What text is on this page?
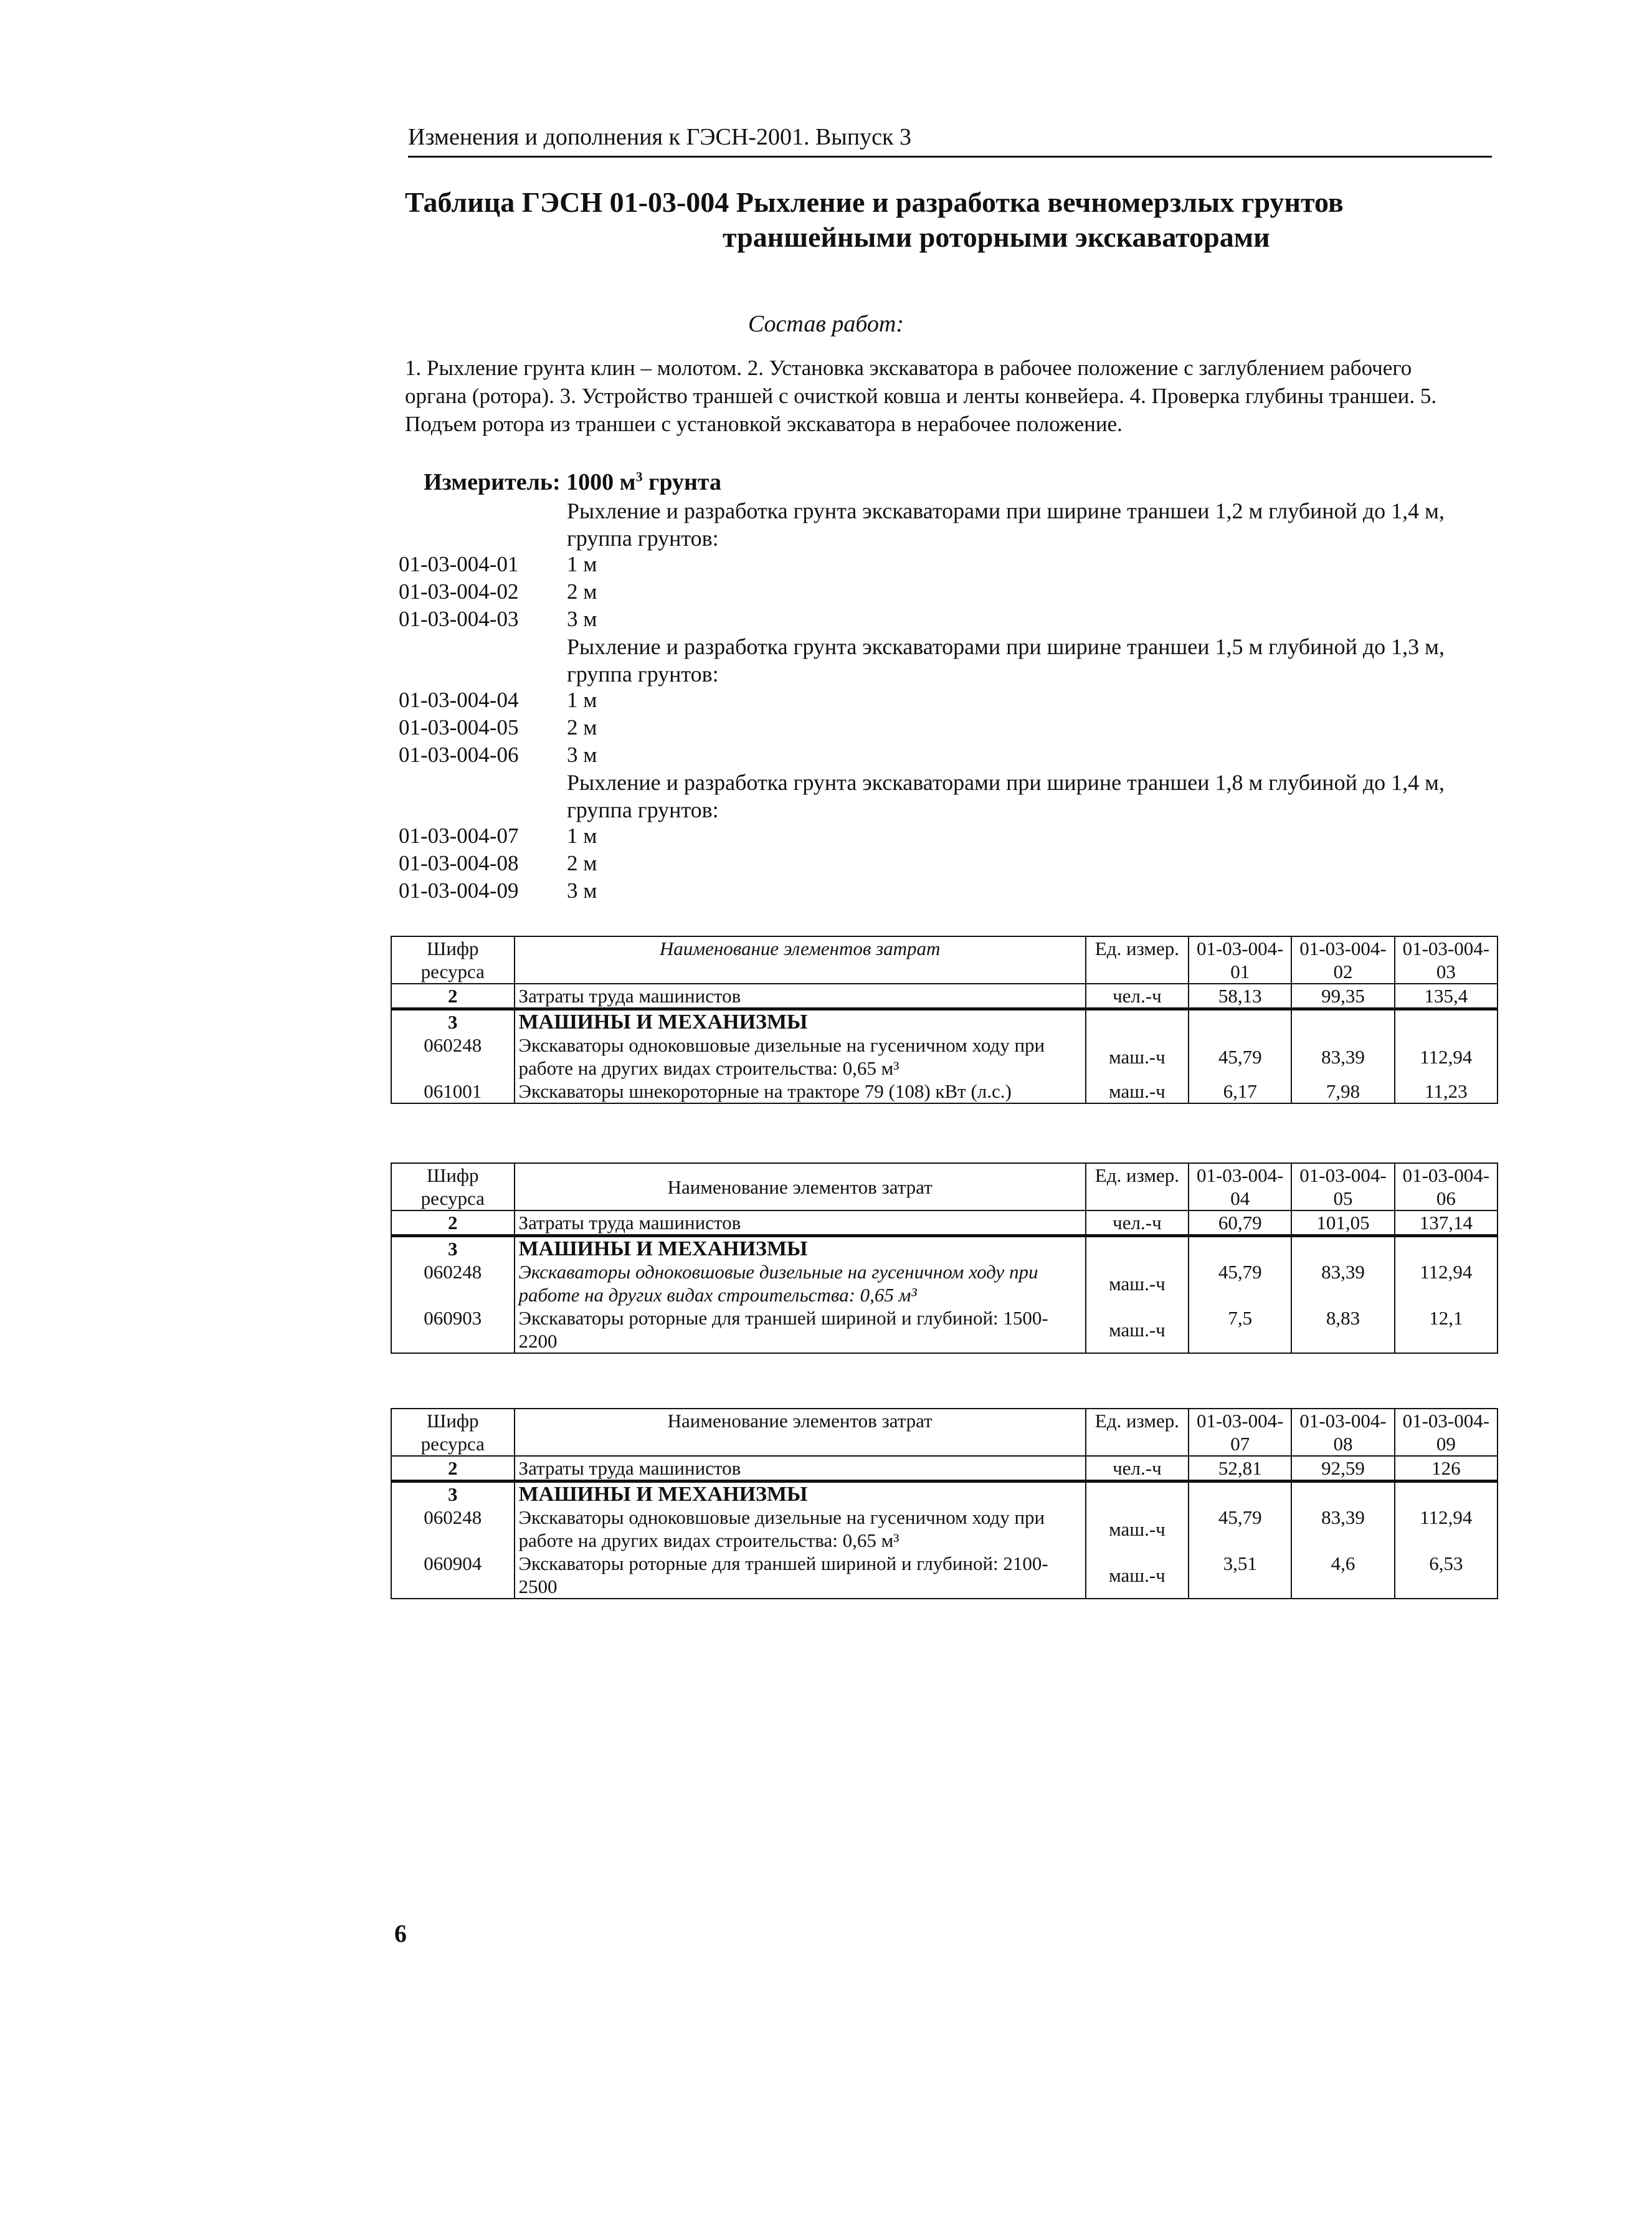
Изменения и дополнения к ГЭСН-2001. Выпуск 3
Таблица ГЭСН 01-03-004 Рыхление и разработка вечномерзлых грунтов
траншейными роторными экскаваторами
Состав работ:
1. Рыхление грунта клин – молотом. 2. Установка экскаватора в рабочее положение с заглублением рабочего органа (ротора). 3. Устройство траншей с очисткой ковша и ленты конвейера. 4. Проверка глубины траншеи. 5. Подъем ротора из траншеи с установкой экскаватора в нерабочее положение.
Измеритель: 1000 $м^3$ грунта
Рыхление и разработка грунта экскаваторами при ширине траншеи 1,2 м глубиной до 1,4 м, группа грунтов:
01-03-004-01	1 м
01-03-004-02	2 м
01-03-004-03	3 м
Рыхление и разработка грунта экскаваторами при ширине траншеи 1,5 м глубиной до 1,3 м, группа грунтов:
01-03-004-04	1 м
01-03-004-05	2 м
01-03-004-06	3 м
Рыхление и разработка грунта экскаваторами при ширине траншеи 1,8 м глубиной до 1,4 м, группа грунтов:
01-03-004-07	1 м
01-03-004-08	2 м
01-03-004-09	3 м
Шифр ресурса	Наименование элементов затрат	Ед. измер.	01-03-004-01	01-03-004-02	01-03-004-03
2	Затраты труда машинистов	чел.-ч	58,13	99,35	135,4
3	МАШИНЫ И МЕХАНИЗМЫ				
060248	Экскаваторы одноковшовые дизельные на гусеничном ходу при работе на других видах строительства: 0,65 м³	маш.-ч	45,79	83,39	112,94
061001	Экскаваторы шнекороторные на тракторе 79 (108) кВт (л.с.)	маш.-ч	6,17	7,98	11,23
Шифр ресурса	Наименование элементов затрат	Ед. измер.	01-03-004-04	01-03-004-05	01-03-004-06
2	Затраты труда машинистов	чел.-ч	60,79	101,05	137,14
3	МАШИНЫ И МЕХАНИЗМЫ				
060248	Экскаваторы одноковшовые дизельные на гусеничном ходу при работе на других видах строительства: 0,65 м³	маш.-ч	45,79	83,39	112,94
060903	Экскаваторы роторные для траншей шириной и глубиной: 1500-2200	маш.-ч	7,5	8,83	12,1
Шифр ресурса	Наименование элементов затрат	Ед. измер.	01-03-004-07	01-03-004-08	01-03-004-09
2	Затраты труда машинистов	чел.-ч	52,81	92,59	126
3	МАШИНЫ И МЕХАНИЗМЫ				
060248	Экскаваторы одноковшовые дизельные на гусеничном ходу при работе на других видах строительства: 0,65 м³	маш.-ч	45,79	83,39	112,94
060904	Экскаваторы роторные для траншей шириной и глубиной: 2100-2500	маш.-ч	3,51	4,6	6,53
6
